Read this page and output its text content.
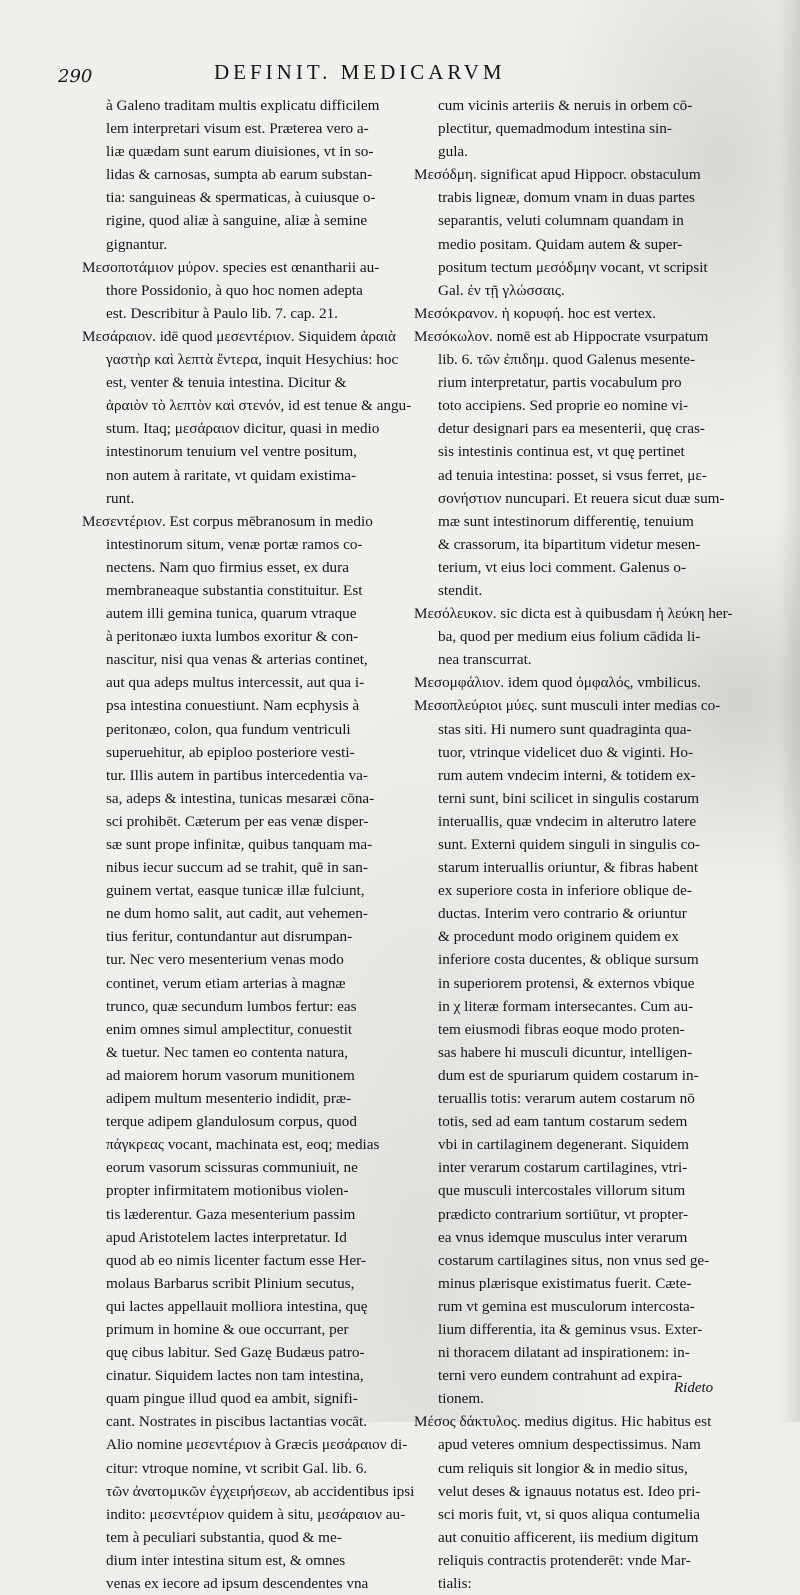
290	DEFINIT. MEDICARVM
à Galeno traditam multis explicatu difficilem
lem interpretari visum est. Præterea vero a-
liæ quædam sunt earum diuisiones, vt in so-
lidas & carnosas, sumpta ab earum substan-
tia: sanguineas & spermaticas, à cuiusque o-
rigine, quod aliæ à sanguine, aliæ à semine
gignantur.
Μεσοποτάμιον μύρον. species est œnantharii au-
thore Possidonio, à quo hoc nomen adepta
est. Describitur à Paulo lib. 7. cap. 21.
Μεσάραιον. idē quod μεσεντέριον. Siquidem ἀραιὰ
γαστὴρ καὶ λεπτὰ ἔντερα, inquit Hesychius: hoc
est, venter & tenuia intestina. Dicitur &
ἀραιὸν τὸ λεπτὸν καὶ στενόν, id est tenue & angu-
stum. Itaq; μεσάραιον dicitur, quasi in medio
intestinorum tenuium vel ventre positum,
non autem à raritate, vt quidam existima-
runt.
Μεσεντέριον. Est corpus mēbranosum in medio
intestinorum situm, venæ portæ ramos co-
nectens. Nam quo firmius esset, ex dura
membraneaque substantia constituitur. Est
autem illi gemina tunica, quarum vtraque
à peritonæo iuxta lumbos exoritur & con-
nascitur, nisi qua venas & arterias continet,
aut qua adeps multus intercessit, aut qua i-
psa intestina conuestiunt. Nam ecphysis à
peritonæo, colon, qua fundum ventriculi
superuehitur, ab epiploo posteriore vesti-
tur. Illis autem in partibus intercedentia va-
sa, adeps & intestina, tunicas mesaræi cōna-
sci prohibēt. Cæterum per eas venæ disper-
sæ sunt prope infinitæ, quibus tanquam ma-
nibus iecur succum ad se trahit, quē in san-
guinem vertat, easque tunicæ illæ fulciunt,
ne dum homo salit, aut cadit, aut vehemen-
tius feritur, contundantur aut disrumpan-
tur. Nec vero mesenterium venas modo
continet, verum etiam arterias à magnæ
trunco, quæ secundum lumbos fertur: eas
enim omnes simul amplectitur, conuestit
& tuetur. Nec tamen eo contenta natura,
ad maiorem horum vasorum munitionem
adipem multum mesenterio indidit, præ-
terque adipem glandulosum corpus, quod
πάγκρεας vocant, machinata est, eoq; medias
eorum vasorum scissuras communiuit, ne
propter infirmitatem motionibus violen-
tis læderentur. Gaza mesenterium passim
apud Aristotelem lactes interpretatur. Id
quod ab eo nimis licenter factum esse Her-
molaus Barbarus scribit Plinium secutus,
qui lactes appellauit molliora intestina, quę
primum in homine & oue occurrant, per
quę cibus labitur. Sed Gazę Budæus patro-
cinatur. Siquidem lactes non tam intestina,
quam pingue illud quod ea ambit, signifi-
cant. Nostrates in piscibus lactantias vocāt.
Alio nomine μεσεντέριον à Græcis μεσάραιον di-
citur: vtroque nomine, vt scribit Gal. lib. 6.
τῶν ἀνατομικῶν ἐγχειρήσεων, ab accidentibus ipsi
indito: μεσεντέριον quidem à situ, μεσάραιον au-
tem à peculiari substantia, quod & me-
dium inter intestina situm est, & omnes
venas ex iecore ad ipsum descendentes vna
cum vicinis arteriis & neruis in orbem cō-
plectitur, quemadmodum intestina sin-
gula.
Μεσόδμη. significat apud Hippocr. obstaculum
trabis ligneæ, domum vnam in duas partes
separantis, veluti columnam quandam in
medio positam. Quidam autem & super-
positum tectum μεσόδμην vocant, vt scripsit
Gal. ἐν τῇ γλώσσαις.
Μεσόκρανον. ἡ κορυφή. hoc est vertex.
Μεσόκωλον. nomē est ab Hippocrate vsurpatum
lib. 6. τῶν ἐπιδημ. quod Galenus mesente-
rium interpretatur, partis vocabulum pro
toto accipiens. Sed proprie eo nomine vi-
detur designari pars ea mesenterii, quę cras-
sis intestinis continua est, vt quę pertinet
ad tenuia intestina: posset, si vsus ferret, με-
σονήστιον nuncupari. Et reuera sicut duæ sum-
mæ sunt intestinorum differentię, tenuium
& crassorum, ita bipartitum videtur mesen-
terium, vt eius loci comment. Galenus o-
stendit.
Μεσόλευκον. sic dicta est à quibusdam ἡ λεύκη her-
ba, quod per medium eius folium cādida li-
nea transcurrat.
Μεσομφάλιον. idem quod ὀμφαλός, vmbilicus.
Μεσοπλεύριοι μύες. sunt musculi inter medias co-
stas siti. Hi numero sunt quadraginta qua-
tuor, vtrinque videlicet duo & viginti. Ho-
rum autem vndecim interni, & totidem ex-
terni sunt, bini scilicet in singulis costarum
interuallis, quæ vndecim in alterutro latere
sunt. Externi quidem singuli in singulis co-
starum interuallis oriuntur, & fibras habent
ex superiore costa in inferiore oblique de-
ductas. Interim vero contrario & oriuntur
& procedunt modo originem quidem ex
inferiore costa ducentes, & oblique sursum
in superiorem protensi, & externos vbique
in χ literæ formam intersecantes. Cum au-
tem eiusmodi fibras eoque modo proten-
sas habere hi musculi dicuntur, intelligen-
dum est de spuriarum quidem costarum in-
teruallis totis: verarum autem costarum nō
totis, sed ad eam tantum costarum sedem
vbi in cartilaginem degenerant. Siquidem
inter verarum costarum cartilagines, vtri-
que musculi intercostales villorum situm
prædicto contrarium sortiūtur, vt propter-
ea vnus idemque musculus inter verarum
costarum cartilagines situs, non vnus sed ge-
minus plærisque existimatus fuerit. Cæte-
rum vt gemina est musculorum intercosta-
lium differentia, ita & geminus vsus. Exter-
ni thoracem dilatant ad inspirationem: in-
terni vero eundem contrahunt ad expira-
tionem.
Μέσος δάκτυλος. medius digitus. Hic habitus est
apud veteres omnium despectissimus. Nam
cum reliquis sit longior & in medio situs,
velut deses & ignauus notatus est. Ideo pri-
sci moris fuit, vt, si quos aliqua contumelia
aut conuitio afficerent, iis medium digitum
reliquis contractis protenderēt: vnde Mar-
tialis:
Rideto
